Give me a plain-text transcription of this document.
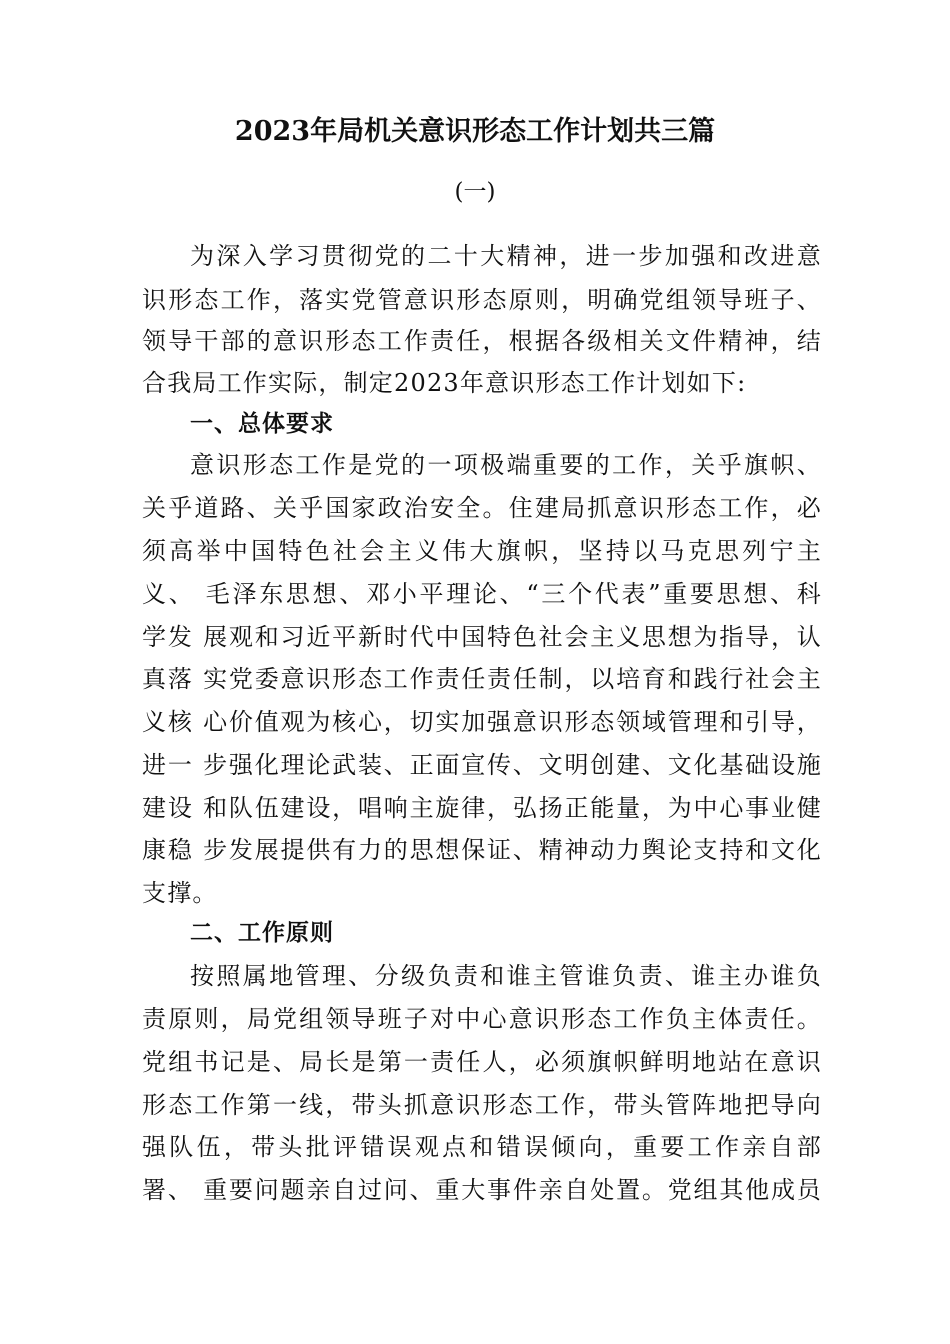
2023年局机关意识形态工作计划共三篇
(一)
为深入学习贯彻党的二十大精神，进一步加强和改进意
识形态工作，落实党管意识形态原则，明确党组领导班子、
领导干部的意识形态工作责任，根据各级相关文件精神，结
合我局工作实际，制定2023年意识形态工作计划如下:
一、总体要求
意识形态工作是党的一项极端重要的工作，关乎旗帜、
关乎道路、关乎国家政治安全。住建局抓意识形态工作，必
须高举中国特色社会主义伟大旗帜，坚持以马克思列宁主
义、 毛泽东思想、邓小平理论、“三个代表”重要思想、科
学发 展观和习近平新时代中国特色社会主义思想为指导，认
真落 实党委意识形态工作责任责任制，以培育和践行社会主
义核 心价值观为核心，切实加强意识形态领域管理和引导，
进一 步强化理论武装、正面宣传、文明创建、文化基础设施
建设 和队伍建设，唱响主旋律，弘扬正能量，为中心事业健
康稳 步发展提供有力的思想保证、精神动力舆论支持和文化
支撑。
二、工作原则
按照属地管理、分级负责和谁主管谁负责、谁主办谁负
责原则，局党组领导班子对中心意识形态工作负主体责任。
党组书记是、局长是第一责任人，必须旗帜鲜明地站在意识
形态工作第一线，带头抓意识形态工作，带头管阵地把导向
强队伍，带头批评错误观点和错误倾向，重要工作亲自部
署、 重要问题亲自过问、重大事件亲自处置。党组其他成员
